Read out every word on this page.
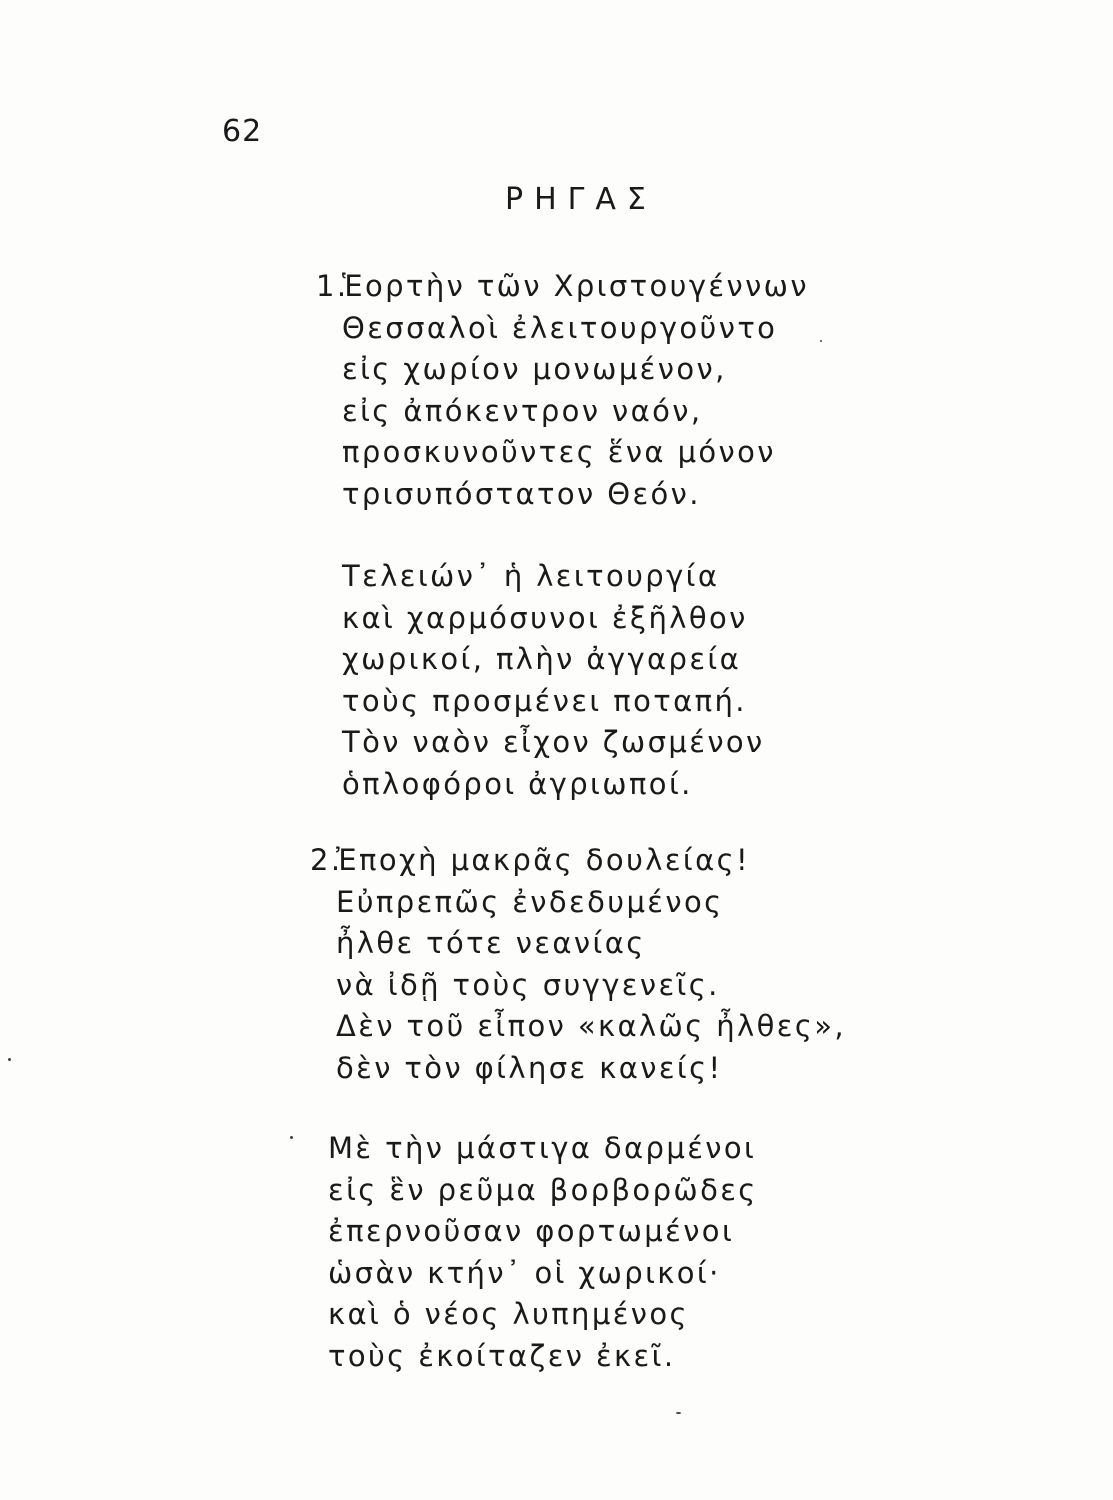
62
ΡΗΓΑΣ
1.Ἑορτὴν τῶν Χριστουγέννων
Θεσσαλοὶ ἐλειτουργοῦντο
εἰς χωρίον μονωμένον,
εἰς ἀπόκεντρον ναόν,
προσκυνοῦντες ἕνα μόνον
τρισυπόστατον Θεόν.
Τελειών᾽ ἡ λειτουργία
καὶ χαρμόσυνοι ἐξῆλθον
χωρικοί, πλὴν ἀγγαρεία
τοὺς προσμένει ποταπή.
Τὸν ναὸν εἶχον ζωσμένον
ὁπλοφόροι ἀγριωποί.
2.Ἐποχὴ μακρᾶς δουλείας!
Εὐπρεπῶς ἐνδεδυμένος
ἦλθε τότε νεανίας
νὰ ἰδῇ τοὺς συγγενεῖς.
Δὲν τοῦ εἶπον «καλῶς ἦλθες»,
δὲν τὸν φίλησε κανείς!
Μὲ τὴν μάστιγα δαρμένοι
εἰς ἓν ρεῦμα βορβορῶδες
ἐπερνοῦσαν φορτωμένοι
ὡσὰν κτήν᾽ οἱ χωρικοί·
καὶ ὁ νέος λυπημένος
τοὺς ἐκοίταζεν ἐκεῖ.
